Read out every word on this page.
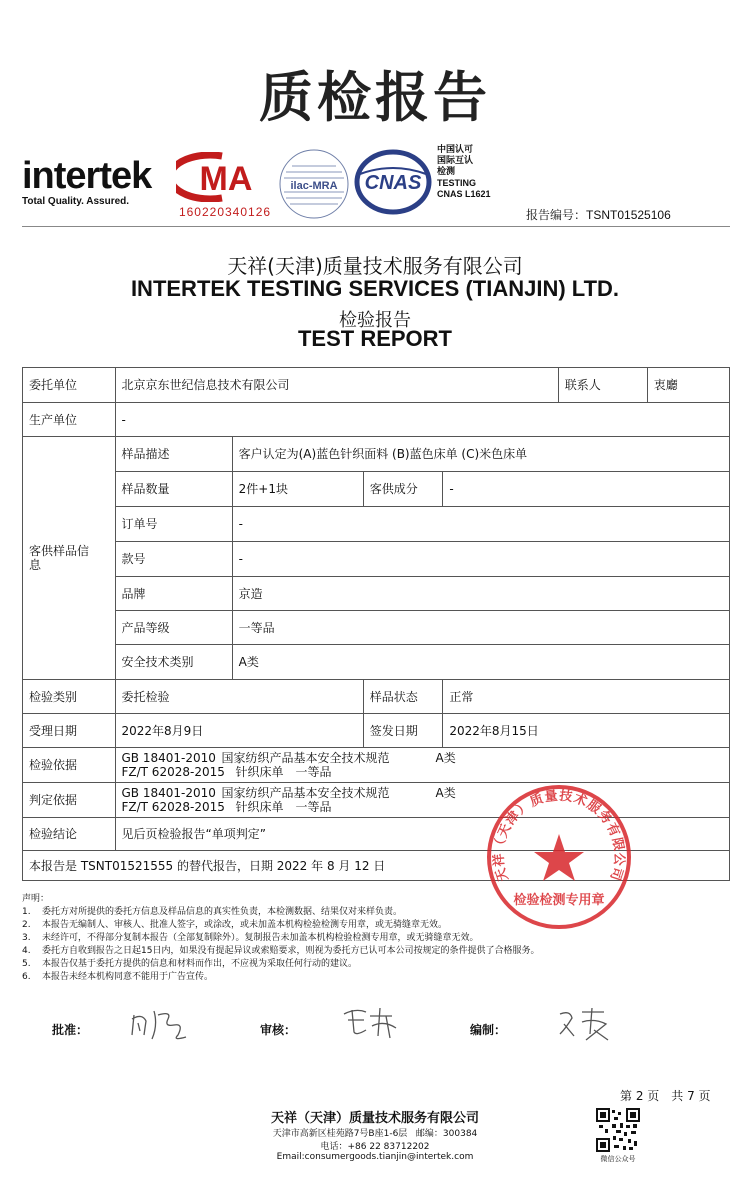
质检报告
intertek
Total Quality. Assured.
MA
160220340126
ilac-MRA CNAS
中国认可
国际互认
检测
TESTING
CNAS L1621
报告编号：TSNT01525106
天祥(天津)质量技术服务有限公司
INTERTEK TESTING SERVICES (TIANJIN) LTD.
检验报告
TEST REPORT
委托单位	北京京东世纪信息技术有限公司				联系人	衷廳
生产单位	-					

客供样品信息	样品描述	客户认定为(A)蓝色针织面料 (B)蓝色床单 (C)米色床单				
	样品数量	2件+1块	客供成分	-		
	订单号	-				
	款号	-				
	品牌	京造				
	产品等级	一等品				
	安全技术类别	A类				
检验类别	委托检验		样品状态	正常		
受理日期	2022年8月9日		签发日期	2022年8月15日		
检验依据	GB 18401-2010 国家纺织产品基本安全技术规范 A类
FZ/T 62028-2015 针织床单 一等品					

判定依据	GB 18401-2010 国家纺织产品基本安全技术规范 A类
FZ/T 62028-2015 针织床单 一等品					

检验结论	见后页检验报告“单项判定”					
本报告是 TSNT01521555 的替代报告，日期 2022 年 8 月 12 日							天祥（天津）质量技术服务有限公司
检验检测专用章
声明：
1. 委托方对所提供的委托方信息及样品信息的真实性负责，本检测数据、结果仅对来样负责。
2. 本报告无编制人、审核人、批准人签字，或涂改，或未加盖本机构检验检测专用章，或无骑缝章无效。
3. 未经许可，不得部分复制本报告（全部复制除外）。复制报告未加盖本机构检验检测专用章，或无骑缝章无效。
4. 委托方自收到报告之日起15日内，如果没有提起异议或索赔要求，则视为委托方已认可本公司按规定的条件提供了合格服务。
5. 本报告仅基于委托方提供的信息和材料而作出，不应视为采取任何行动的建议。
6. 本报告未经本机构同意不能用于广告宣传。
批准：	审核：	编制：
第 2 页　共 7 页
天祥（天津）质量技术服务有限公司
天津市高新区桂苑路7号B座1-6层 邮编：300384
电话：+86 22 83712202
Email:consumergoods.tianjin@intertek.com	微信公众号
